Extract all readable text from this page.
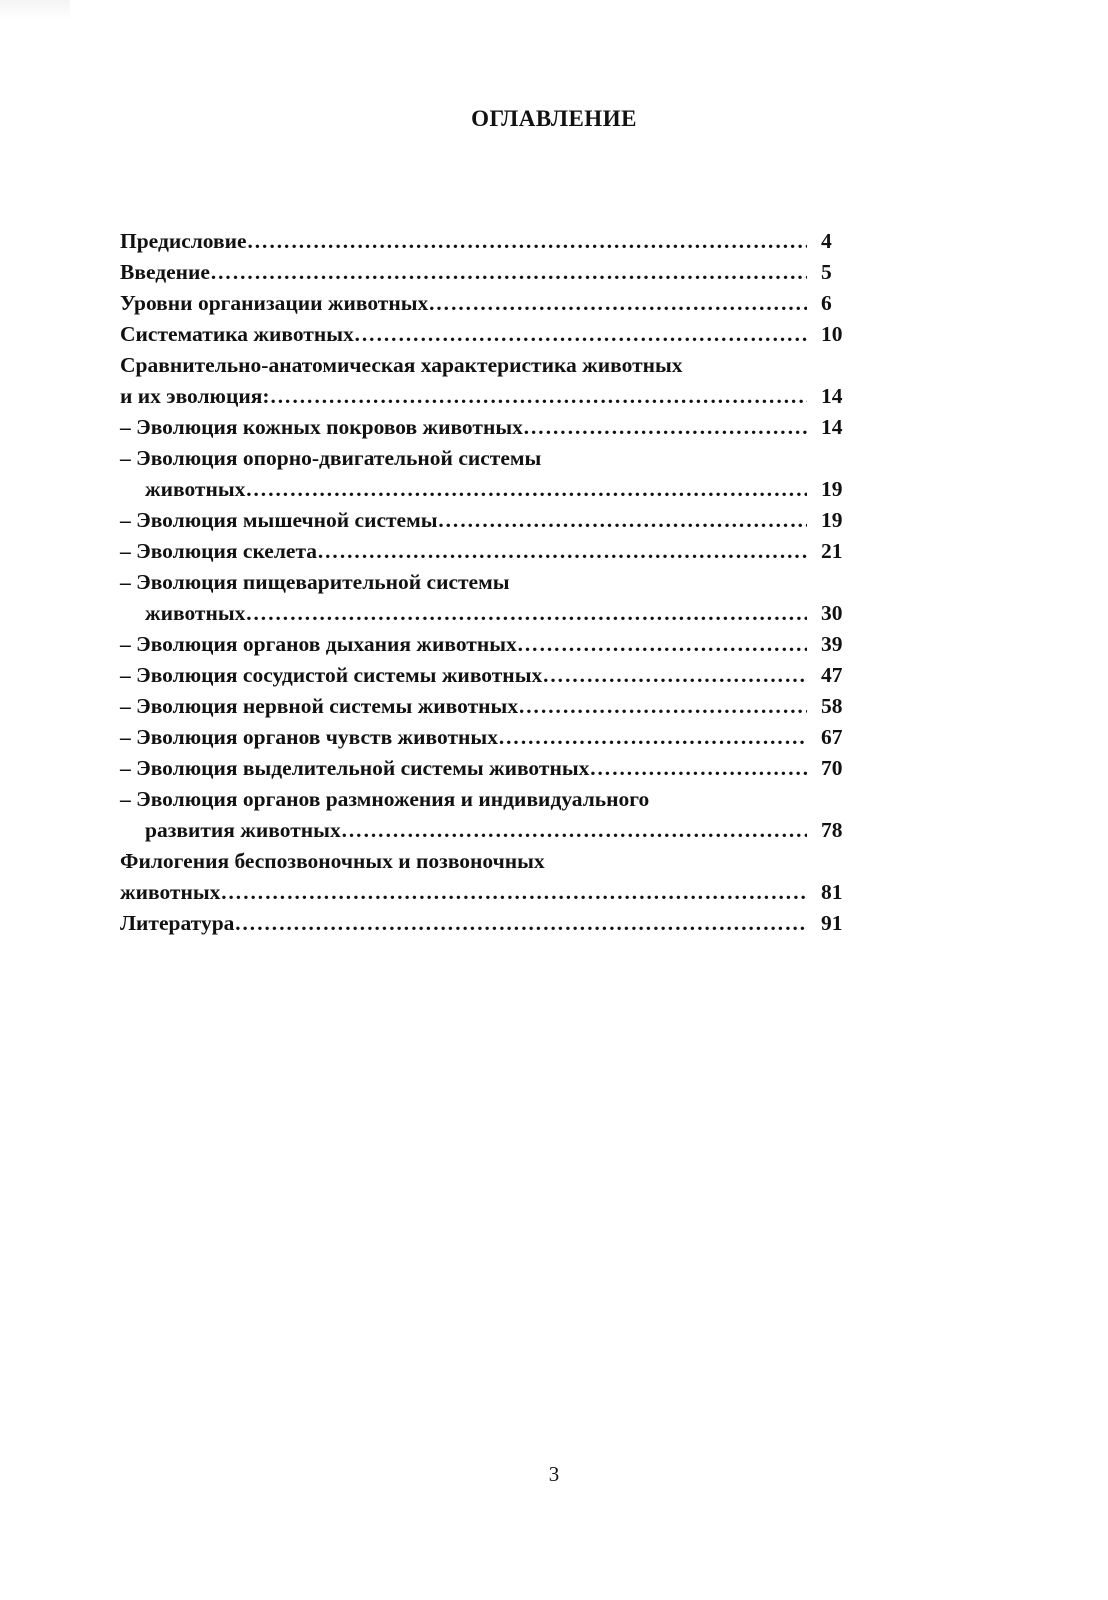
ОГЛАВЛЕНИЕ
Предисловие ………………………………………………………………………………………………………………………………………………………………………………	4
Введение ………………………………………………………………………………………………………………………………………………………………………………	5
Уровни организации животных ………………………………………………………………………………………………………………………………………………………………………………	6
Систематика животных ………………………………………………………………………………………………………………………………………………………………………………	10
Сравнительно-анатомическая характеристика животных
и их эволюция: ………………………………………………………………………………………………………………………………………………………………………………	14
– Эволюция кожных покровов животных ………………………………………………………………………………………………………………………………………………………………………………	14
– Эволюция опорно-двигательной системы
животных ………………………………………………………………………………………………………………………………………………………………………………	19
– Эволюция мышечной системы ………………………………………………………………………………………………………………………………………………………………………………	19
– Эволюция скелета ………………………………………………………………………………………………………………………………………………………………………………	21
– Эволюция пищеварительной системы
животных ………………………………………………………………………………………………………………………………………………………………………………	30
– Эволюция органов дыхания животных ………………………………………………………………………………………………………………………………………………………………………………	39
– Эволюция сосудистой системы животных ………………………………………………………………………………………………………………………………………………………………………………	47
– Эволюция нервной системы животных ………………………………………………………………………………………………………………………………………………………………………………	58
– Эволюция органов чувств животных ………………………………………………………………………………………………………………………………………………………………………………	67
– Эволюция выделительной системы животных ………………………………………………………………………………………………………………………………………………………………………………	70
– Эволюция органов размножения и индивидуального
развития животных ………………………………………………………………………………………………………………………………………………………………………………	78
Филогения беспозвоночных и позвоночных
животных ………………………………………………………………………………………………………………………………………………………………………………	81
Литература ………………………………………………………………………………………………………………………………………………………………………………	91
3
